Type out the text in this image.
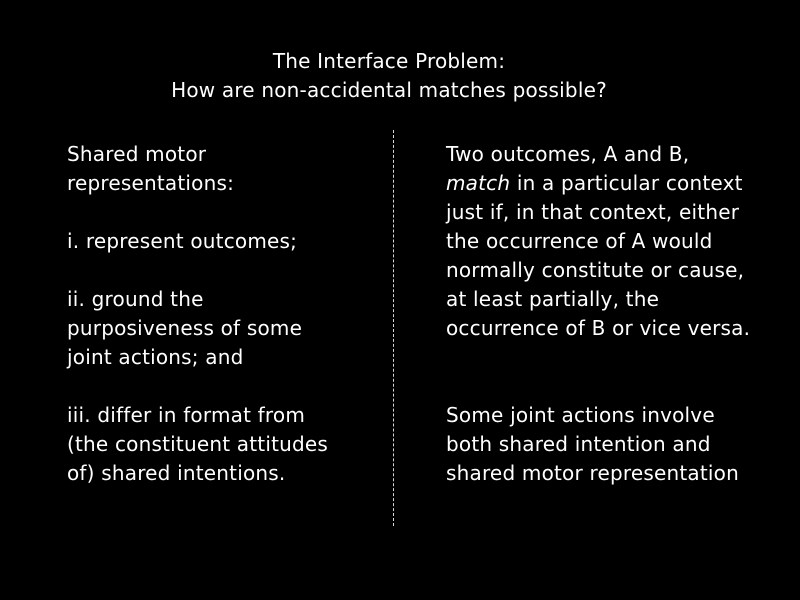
The Interface Problem:
How are non-accidental matches possible?
Shared motor
representations:
i. represent outcomes;
ii. ground the
purposiveness of some
joint actions; and
iii. differ in format from
(the constituent attitudes
of) shared intentions.
Two outcomes, A and B,
match in a particular context
just if, in that context, either
the occurrence of A would
normally constitute or cause,
at least partially, the
occurrence of B or vice versa.
Some joint actions involve
both shared intention and
shared motor representation
